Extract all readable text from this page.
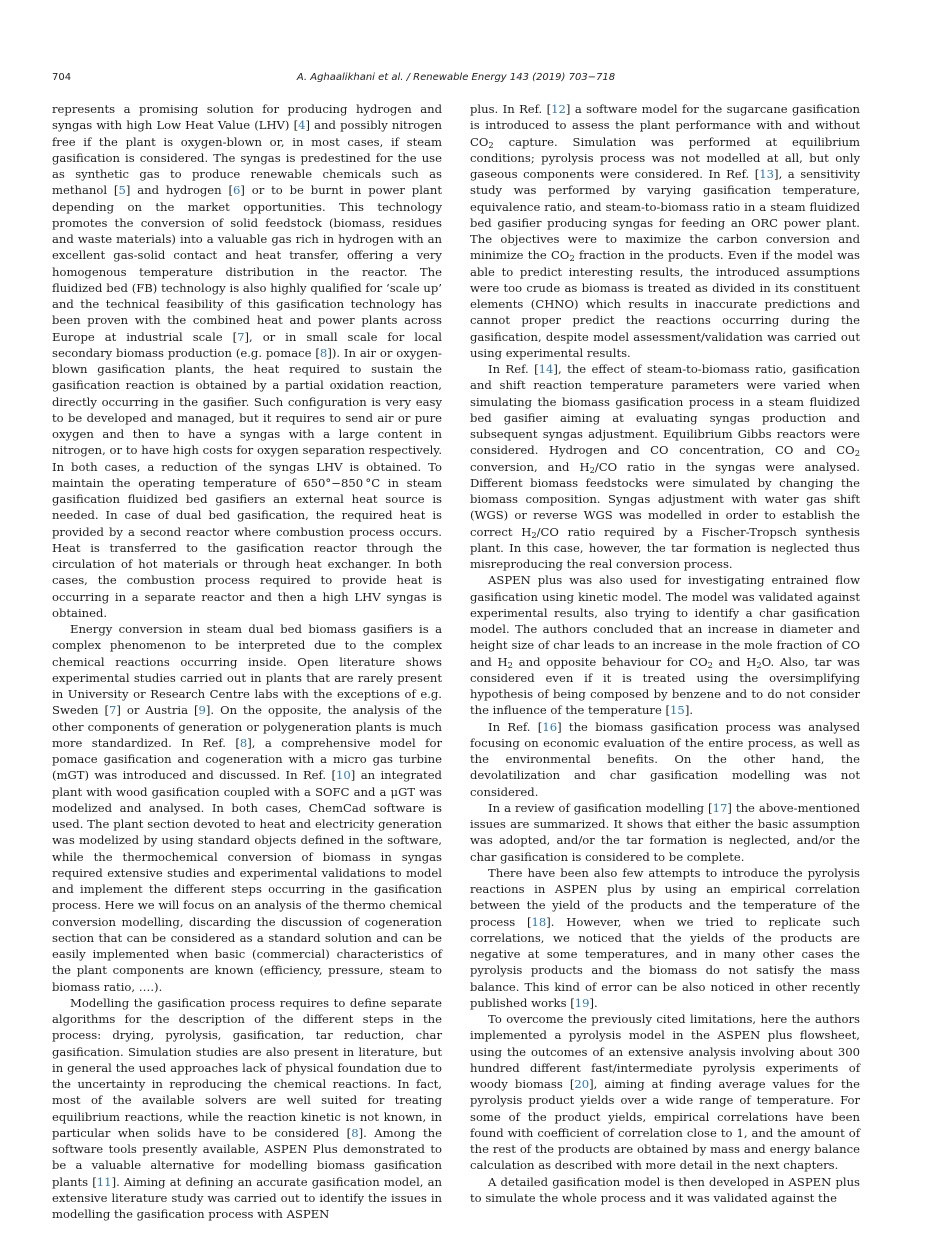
704	A. Aghaalikhani et al. / Renewable Energy 143 (2019) 703−718

represents a promising solution for producing hydrogen and syngas with high Low Heat Value (LHV) [4] and possibly nitrogen free if the plant is oxygen-blown or, in most cases, if steam gasification is considered. The syngas is predestined for the use as synthetic gas to produce renewable chemicals such as methanol [5] and hydrogen [6] or to be burnt in power plant depending on the market opportunities. This technology promotes the conversion of solid feedstock (biomass, residues and waste materials) into a valuable gas rich in hydrogen with an excellent gas-solid contact and heat transfer, offering a very homogenous temperature distribution in the reactor. The fluidized bed (FB) technology is also highly qualified for ‘scale up’ and the technical feasibility of this gasification technology has been proven with the combined heat and power plants across Europe at industrial scale [7], or in small scale for local secondary biomass production (e.g. pomace [8]). In air or oxygen-blown gasification plants, the heat required to sustain the gasification reaction is obtained by a partial oxidation reaction, directly occurring in the gasifier. Such configuration is very easy to be developed and managed, but it requires to send air or pure oxygen and then to have a syngas with a large content in nitrogen, or to have high costs for oxygen separation respectively. In both cases, a reduction of the syngas LHV is obtained. To maintain the operating temperature of 650°−850 °C in steam gasification fluidized bed gasifiers an external heat source is needed. In case of dual bed gasification, the required heat is provided by a second reactor where combustion process occurs. Heat is transferred to the gasification reactor through the circulation of hot materials or through heat exchanger. In both cases, the combustion process required to provide heat is occurring in a separate reactor and then a high LHV syngas is obtained.

Energy conversion in steam dual bed biomass gasifiers is a complex phenomenon to be interpreted due to the complex chemical reactions occurring inside. Open literature shows experimental studies carried out in plants that are rarely present in University or Research Centre labs with the exceptions of e.g. Sweden [7] or Austria [9]. On the opposite, the analysis of the other components of generation or polygeneration plants is much more standardized. In Ref. [8], a comprehensive model for pomace gasification and cogeneration with a micro gas turbine (mGT) was introduced and discussed. In Ref. [10] an integrated plant with wood gasification coupled with a SOFC and a μGT was modelized and analysed. In both cases, ChemCad software is used. The plant section devoted to heat and electricity generation was modelized by using standard objects defined in the software, while the thermochemical conversion of biomass in syngas required extensive studies and experimental validations to model and implement the different steps occurring in the gasification process. Here we will focus on an analysis of the thermo chemical conversion modelling, discarding the discussion of cogeneration section that can be considered as a standard solution and can be easily implemented when basic (commercial) characteristics of the plant components are known (efficiency, pressure, steam to biomass ratio, ….).

Modelling the gasification process requires to define separate algorithms for the description of the different steps in the process: drying, pyrolysis, gasification, tar reduction, char gasification. Simulation studies are also present in literature, but in general the used approaches lack of physical foundation due to the uncertainty in reproducing the chemical reactions. In fact, most of the available solvers are well suited for treating equilibrium reactions, while the reaction kinetic is not known, in particular when solids have to be considered [8]. Among the software tools presently available, ASPEN Plus demonstrated to be a valuable alternative for modelling biomass gasification plants [11]. Aiming at defining an accurate gasification model, an extensive literature study was carried out to identify the issues in modelling the gasification process with ASPEN

plus. In Ref. [12] a software model for the sugarcane gasification is introduced to assess the plant performance with and without $CO_2$ capture. Simulation was performed at equilibrium conditions; pyrolysis process was not modelled at all, but only gaseous components were considered. In Ref. [13], a sensitivity study was performed by varying gasification temperature, equivalence ratio, and steam-to-biomass ratio in a steam fluidized bed gasifier producing syngas for feeding an ORC power plant. The objectives were to maximize the carbon conversion and minimize the $CO_2$ fraction in the products. Even if the model was able to predict interesting results, the introduced assumptions were too crude as biomass is treated as divided in its constituent elements (CHNO) which results in inaccurate predictions and cannot proper predict the reactions occurring during the gasification, despite model assessment/validation was carried out using experimental results.

In Ref. [14], the effect of steam-to-biomass ratio, gasification and shift reaction temperature parameters were varied when simulating the biomass gasification process in a steam fluidized bed gasifier aiming at evaluating syngas production and subsequent syngas adjustment. Equilibrium Gibbs reactors were considered. Hydrogen and CO concentration, CO and $CO_2$ conversion, and $H_2/CO$ ratio in the syngas were analysed. Different biomass feedstocks were simulated by changing the biomass composition. Syngas adjustment with water gas shift (WGS) or reverse WGS was modelled in order to establish the correct $H_2/CO$ ratio required by a Fischer-Tropsch synthesis plant. In this case, however, the tar formation is neglected thus misreproducing the real conversion process.

ASPEN plus was also used for investigating entrained flow gasification using kinetic model. The model was validated against experimental results, also trying to identify a char gasification model. The authors concluded that an increase in diameter and height size of char leads to an increase in the mole fraction of CO and $H_2$ and opposite behaviour for $CO_2$ and $H_2O$. Also, tar was considered even if it is treated using the oversimplifying hypothesis of being composed by benzene and to do not consider the influence of the temperature [15].

In Ref. [16] the biomass gasification process was analysed focusing on economic evaluation of the entire process, as well as the environmental benefits. On the other hand, the devolatilization and char gasification modelling was not considered.

In a review of gasification modelling [17] the above-mentioned issues are summarized. It shows that either the basic assumption was adopted, and/or the tar formation is neglected, and/or the char gasification is considered to be complete.

There have been also few attempts to introduce the pyrolysis reactions in ASPEN plus by using an empirical correlation between the yield of the products and the temperature of the process [18]. However, when we tried to replicate such correlations, we noticed that the yields of the products are negative at some temperatures, and in many other cases the pyrolysis products and the biomass do not satisfy the mass balance. This kind of error can be also noticed in other recently published works [19].

To overcome the previously cited limitations, here the authors implemented a pyrolysis model in the ASPEN plus flowsheet, using the outcomes of an extensive analysis involving about 300 hundred different fast/intermediate pyrolysis experiments of woody biomass [20], aiming at finding average values for the pyrolysis product yields over a wide range of temperature. For some of the product yields, empirical correlations have been found with coefficient of correlation close to 1, and the amount of the rest of the products are obtained by mass and energy balance calculation as described with more detail in the next chapters.

A detailed gasification model is then developed in ASPEN plus to simulate the whole process and it was validated against the
